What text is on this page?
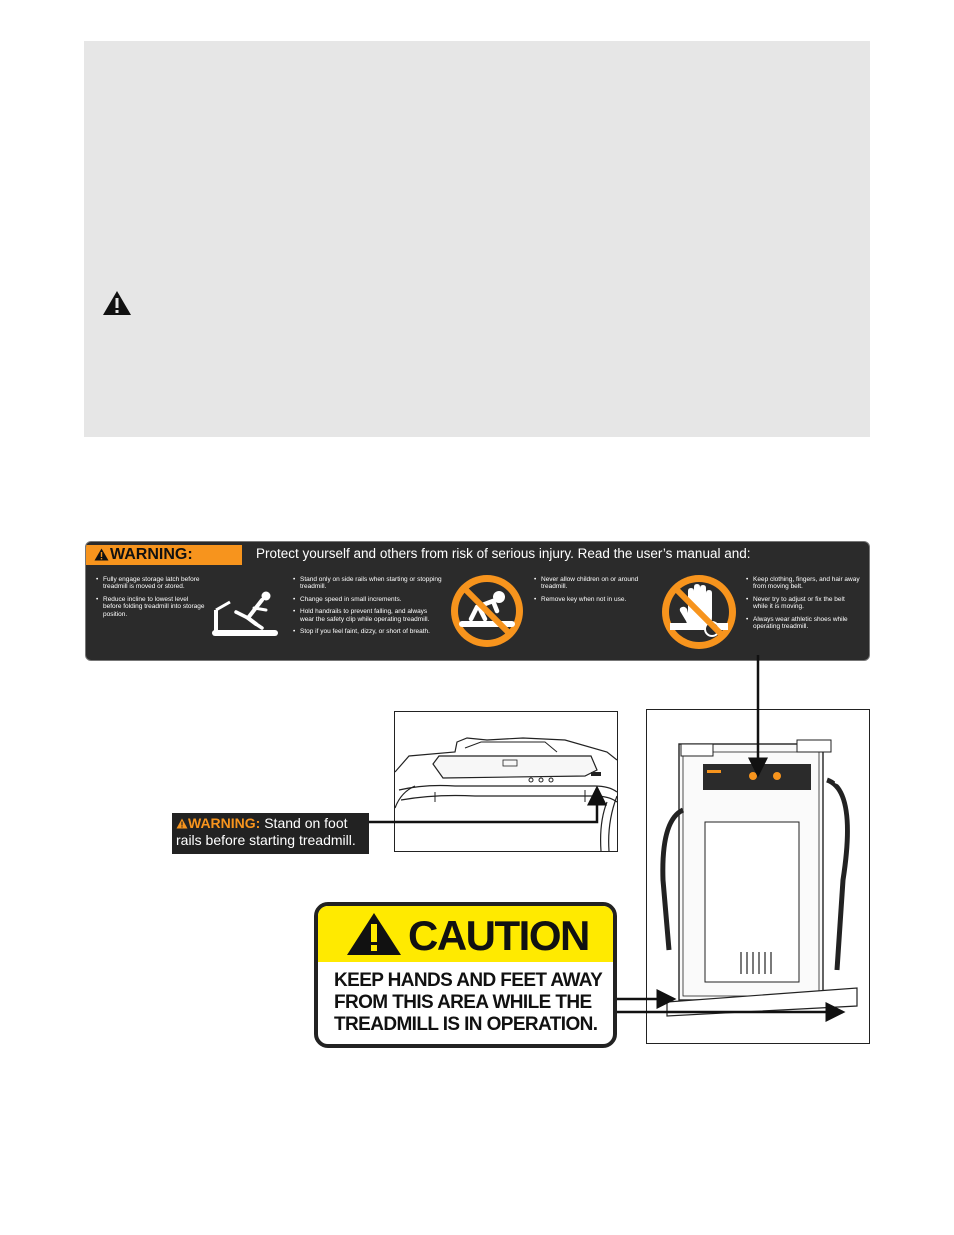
WARNING:	Protect yourself and others from risk of serious injury. Read the user’s manual and:

• Fully engage storage latch before treadmill is moved or stored.

• Reduce incline to lowest level before folding treadmill into storage position.

• Stand only on side rails when starting or stopping treadmill.

• Change speed in small increments.

• Hold handrails to prevent falling, and always wear the safety clip while operating treadmill.

• Stop if you feel faint, dizzy, or short of breath.

• Never allow children on or around treadmill.

• Remove key when not in use.

• Keep clothing, fingers, and hair away from moving belt.

• Never try to adjust or fix the belt while it is moving.

• Always wear athletic shoes while operating treadmill.

WARNING: Stand on foot
rails before starting treadmill.
CAUTION
KEEP HANDS AND FEET AWAY
FROM THIS AREA WHILE THE
TREADMILL IS IN OPERATION.
